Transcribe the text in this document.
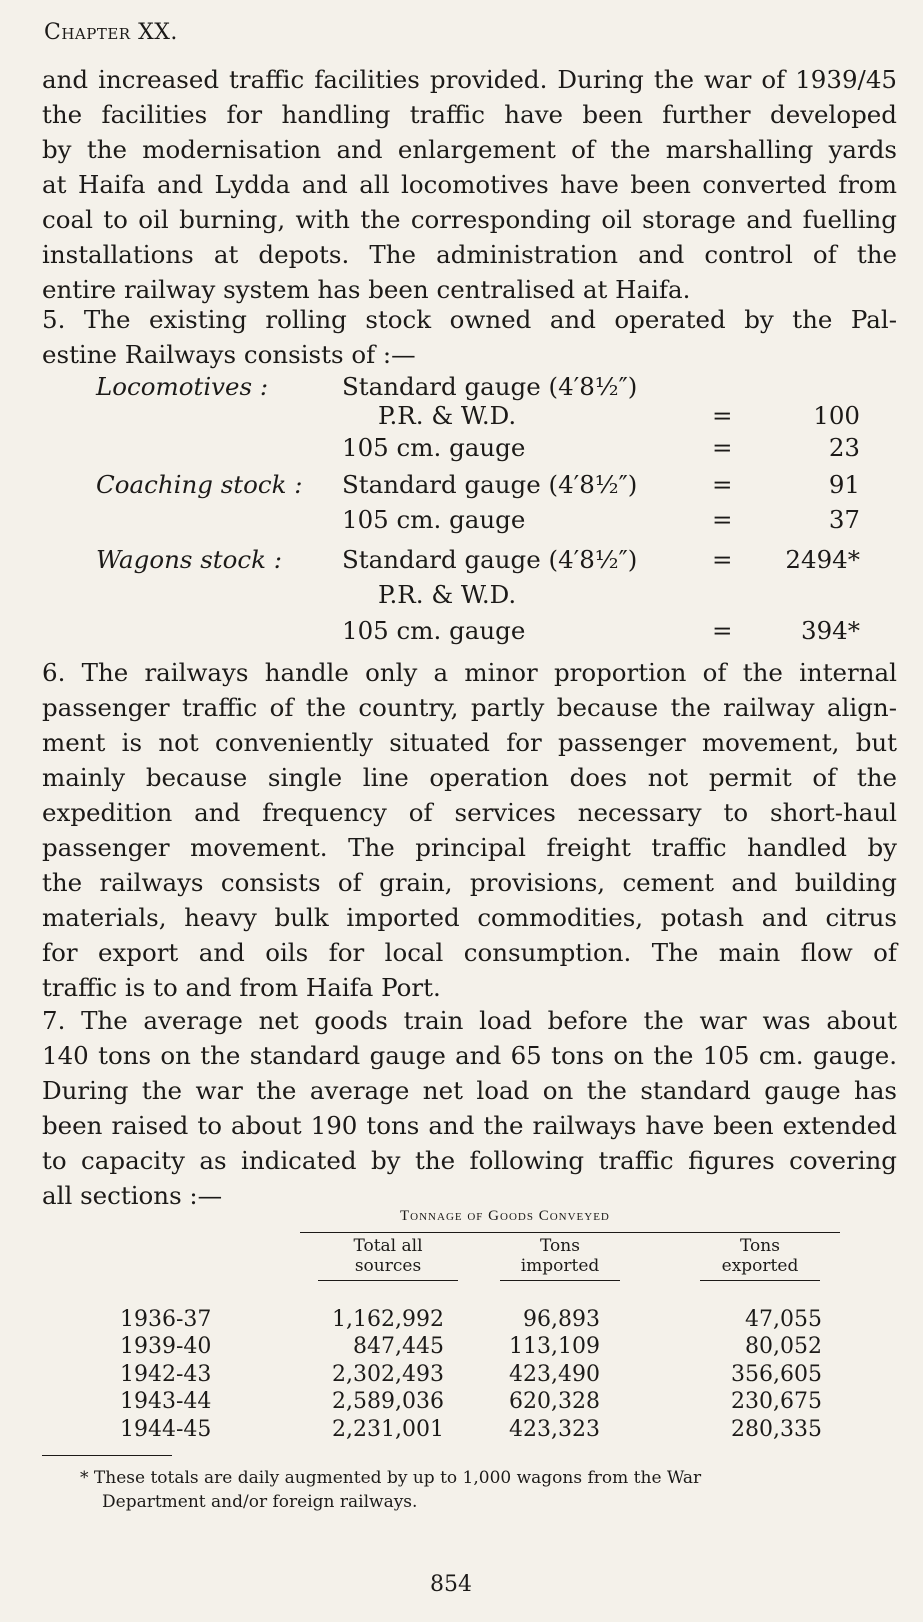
Chapter XX.
and increased traffic facilities provided. During the war of 1939/45
the facilities for handling traffic have been further developed
by the modernisation and enlargement of the marshalling yards
at Haifa and Lydda and all locomotives have been converted from
coal to oil burning, with the corresponding oil storage and fuelling
installations at depots. The administration and control of the
entire railway system has been centralised at Haifa.
5. The existing rolling stock owned and operated by the Pal-
estine Railways consists of :—
Locomotives :	Standard gauge (4′8½″)
P.R. & W.D.	=	100
105 cm. gauge	=	23
Coaching stock : Standard gauge (4′8½″)	=	91
105 cm. gauge	=	37
Wagons stock : Standard gauge (4′8½″)	=	2494*
P.R. & W.D.
105 cm. gauge	=	394*
6. The railways handle only a minor proportion of the internal
passenger traffic of the country, partly because the railway align-
ment is not conveniently situated for passenger movement, but
mainly because single line operation does not permit of the
expedition and frequency of services necessary to short-haul
passenger movement. The principal freight traffic handled by
the railways consists of grain, provisions, cement and building
materials, heavy bulk imported commodities, potash and citrus
for export and oils for local consumption. The main flow of
traffic is to and from Haifa Port.
7. The average net goods train load before the war was about
140 tons on the standard gauge and 65 tons on the 105 cm. gauge.
During the war the average net load on the standard gauge has
been raised to about 190 tons and the railways have been extended
to capacity as indicated by the following traffic figures covering
all sections :—
Tonnage of Goods Conveyed
Total all
sources
Tons
imported
Tons
exported
1936-37	1,162,992	96,893	47,055
1939-40	847,445	113,109	80,052
1942-43	2,302,493	423,490	356,605
1943-44	2,589,036	620,328	230,675
1944-45	2,231,001	423,323	280,335
* These totals are daily augmented by up to 1,000 wagons from the War
Department and/or foreign railways.
854
